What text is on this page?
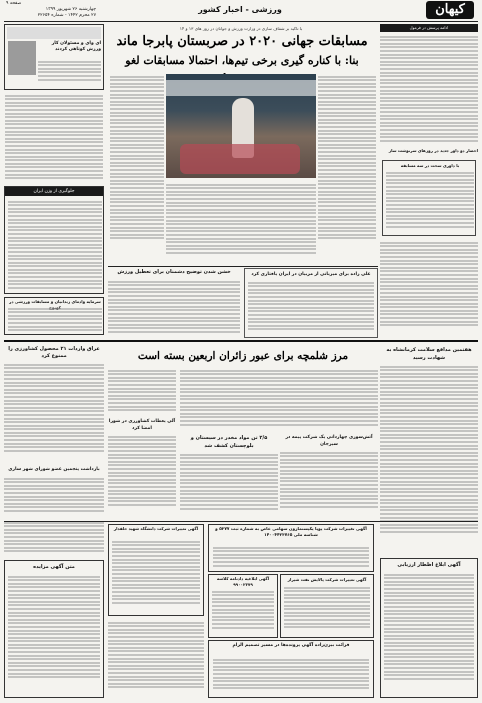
کیهان
ورزشی - اخبار کشور
صفحه ۹
چهارشنبه ۲۶ شهریور ۱۳۹۹
۲۷ محرم ۱۴۴۲ - شماره ۲۲۶۵۴
ای وای و مسئولان کار ورزش کوتاهی کردند
جلوگیری از وزن ایران
سرمایه وادمای زندانیان و مسابقات ورزشی در
ادامه پرسش در فرمول
احضار دو داور جدید در روزهای سرنوشت ساز
با داوری سخت در سه مسابقه
با تاکید بر شفاف سازی در وزارت ورزش و جوانان در روز های ۱۳ و ۱۴
مسابقات جهانی ۲۰۲۰ در صربستان پابرجا ماند
بنا: با کناره گیری برخی تیم‌ها، احتمالا مسابقات لغو
خشن شدن توضیح دشمنان برای تعطیل ورزش	علی زاده برای میزبانی از مربیان در ایران یافتاری کرد
هفتمین مدافع سلامت کرمانشاه به شهادت رسید
مرز شلمچه برای عبور زائران اربعین بسته است
عراق واردات ۲۱ محصول کشاورزی را ممنوع کرد
آلی یعطات کشاورزی در شورا امضا کرد
بازداشت پنجمین عضو شورای شهر ساری
۲/۵ تن مواد مخدر در سیستان و بلوچستان کشف شد
آتش‌سوزی چهاردانی یک شرکت پیمه در سیرجان
آگهی ابلاغ اظطار ارزیابی
آگهی تغییرات شرکت پوپا یکپستمارون سهامی خاص به شماره ثبت ۵۳۷۷ و شناسه ملی ۱۴۰۰۴۴۲۳۷۶۵
آگهی تغییرات شرکت پالایش نفت شیراز
آگهی ابلاغیه دادنامه کلاسه ۹۹۰۰۲۳۷۹
قرائت بیرن‌زاده آگهی پرونده‌ها در مسیر تصمیم الزام
آگهی تغییرات شرکت دانشگاه شهید حلقدار
متن آگهی مزایده
